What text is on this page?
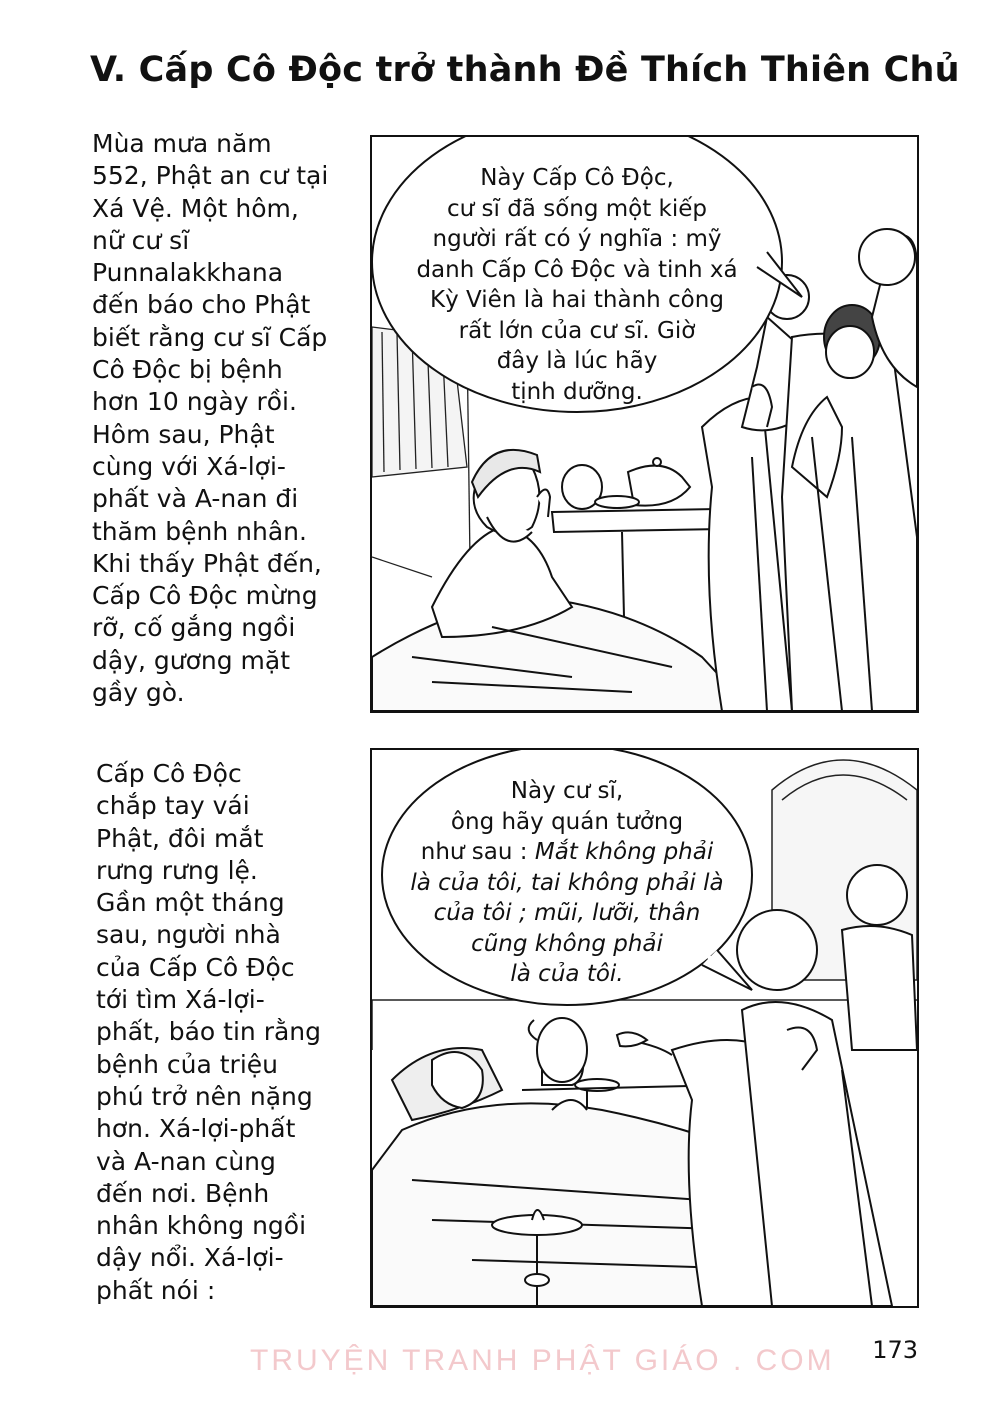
V. Cấp Cô Độc trở thành Đề Thích Thiên Chủ
Mùa mưa năm
552, Phật an cư tại
Xá Vệ. Một hôm,
nữ cư sĩ
Punnalakkhana
đến báo cho Phật
biết rằng cư sĩ Cấp
Cô Độc bị bệnh
hơn 10 ngày rồi.
Hôm sau, Phật
cùng với Xá-lợi-
phất và A-nan đi
thăm bệnh nhân.
Khi thấy Phật đến,
Cấp Cô Độc mừng
rỡ, cố gắng ngồi
dậy, gương mặt
gầy gò.
Này Cấp Cô Độc,
cư sĩ đã sống một kiếp
người rất có ý nghĩa : mỹ
danh Cấp Cô Độc và tinh xá
Kỳ Viên là hai thành công
rất lớn của cư sĩ. Giờ
đây là lúc hãy
tịnh dưỡng.
Cấp Cô Độc
chắp tay vái
Phật, đôi mắt
rưng rưng lệ.
Gần một tháng
sau, người nhà
của Cấp Cô Độc
tới tìm Xá-lợi-
phất, báo tin rằng
bệnh của triệu
phú trở nên nặng
hơn. Xá-lợi-phất
và A-nan cùng
đến nơi. Bệnh
nhân không ngồi
dậy nổi. Xá-lợi-
phất nói :
Này cư sĩ,
ông hãy quán tưởng
như sau : Mắt không phải
là của tôi, tai không phải là
của tôi ; mũi, lưỡi, thân
cũng không phải
là của tôi.
TRUYỆN TRANH PHẬT GIÁO . COM 173
